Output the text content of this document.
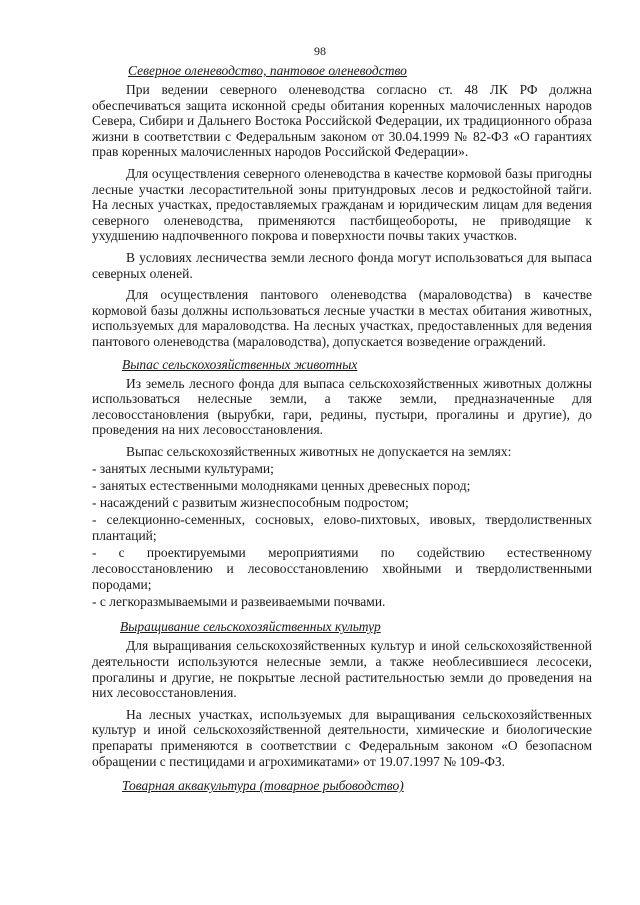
98
Северное оленеводство, пантовое оленеводство

При ведении северного оленеводства согласно ст. 48 ЛК РФ должна обеспечиваться защита исконной среды обитания коренных малочисленных народов Севера, Сибири и Дальнего Востока Российской Федерации, их традиционного образа жизни в соответствии с Федеральным законом от 30.04.1999 № 82-ФЗ «О гарантиях прав коренных малочисленных народов Российской Федерации».

Для осуществления северного оленеводства в качестве кормовой базы пригодны лесные участки лесорастительной зоны притундровых лесов и редкостойной тайги. На лесных участках, предоставляемых гражданам и юридическим лицам для ведения северного оленеводства, применяются пастбищеобороты, не приводящие к ухудшению надпочвенного покрова и поверхности почвы таких участков.

В условиях лесничества земли лесного фонда могут использоваться для выпаса северных оленей.

Для осуществления пантового оленеводства (мараловодства) в качестве кормовой базы должны использоваться лесные участки в местах обитания животных, используемых для мараловодства. На лесных участках, предоставленных для ведения пантового оленеводства (мараловодства), допускается возведение ограждений.

Выпас сельскохозяйственных животных

Из земель лесного фонда для выпаса сельскохозяйственных животных должны использоваться нелесные земли, а также земли, предназначенные для лесовосстановления (вырубки, гари, редины, пустыри, прогалины и другие), до проведения на них лесовосстановления.

Выпас сельскохозяйственных животных не допускается на землях:

- занятых лесными культурами;
- занятых естественными молодняками ценных древесных пород;
- насаждений с развитым жизнеспособным подростом;
- селекционно-семенных, сосновых, елово-пихтовых, ивовых, твердолиственных плантаций;
- с проектируемыми мероприятиями по содействию естественному лесовосстановлению и лесовосстановлению хвойными и твердолиственными породами;
- с легкоразмываемыми и развеиваемыми почвами.
Выращивание сельскохозяйственных культур

Для выращивания сельскохозяйственных культур и иной сельскохозяйственной деятельности используются нелесные земли, а также необлесившиеся лесосеки, прогалины и другие, не покрытые лесной растительностью земли до проведения на них лесовосстановления.

На лесных участках, используемых для выращивания сельскохозяйственных культур и иной сельскохозяйственной деятельности, химические и биологические препараты применяются в соответствии с Федеральным законом «О безопасном обращении с пестицидами и агрохимикатами» от 19.07.1997 № 109-ФЗ.

Товарная аквакультура (товарное рыбоводство)
